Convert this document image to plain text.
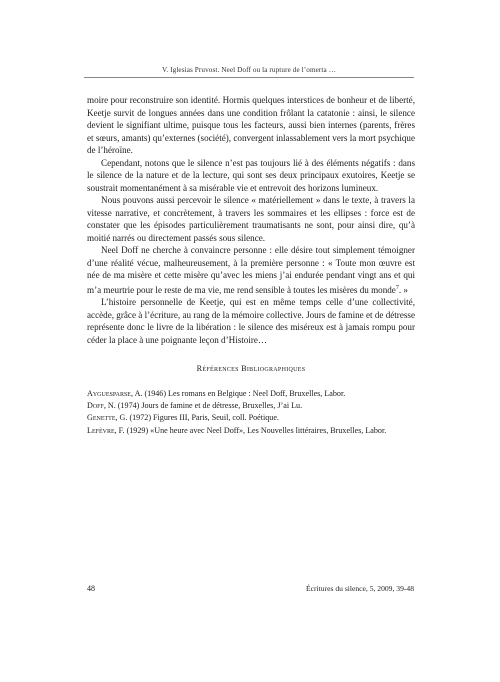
V. Iglesias Pruvost. Neel Doff ou la rupture de l’omerta …

moire pour reconstruire son identité. Hormis quelques interstices de bonheur et de liberté, Keetje survit de longues années dans une condition frôlant la catatonie : ainsi, le silence devient le signifiant ultime, puisque tous les facteurs, aussi bien internes (parents, frères et sœurs, amants) qu’externes (société), convergent inlassablement vers la mort psychique de l’héroïne.

Cependant, notons que le silence n’est pas toujours lié à des éléments négatifs : dans le silence de la nature et de la lecture, qui sont ses deux principaux exutoires, Keetje se soustrait momentanément à sa misérable vie et entrevoit des horizons lumineux.

Nous pouvons aussi percevoir le silence « matériellement » dans le texte, à travers la vitesse narrative, et concrètement, à travers les sommaires et les ellipses : force est de constater que les épisodes particulièrement traumatisants ne sont, pour ainsi dire, qu’à moitié narrés ou directement passés sous silence.

Neel Doff ne cherche à convaincre personne : elle désire tout simplement témoigner d’une réalité vécue, malheureusement, à la première personne : « Toute mon œuvre est née de ma misère et cette misère qu’avec les miens j’ai endurée pendant vingt ans et qui m’a meurtrie pour le reste de ma vie, me rend sensible à toutes les misères du monde$^7$. »

L’histoire personnelle de Keetje, qui est en même temps celle d’une collectivité, accède, grâce à l’écriture, au rang de la mémoire collective. Jours de famine et de détresse représente donc le livre de la libération : le silence des miséreux est à jamais rompu pour céder la place à une poignante leçon d’Histoire…

Références Bibliographiques
Ayguesparse, A. (1946) Les romans en Belgique : Neel Doff, Bruxelles, Labor.
Doff, N. (1974) Jours de famine et de détresse, Bruxelles, J’ai Lu.
Genette, G. (1972) Figures III, Paris, Seuil, coll. Poétique.
Lefèvre, F. (1929) «Une heure avec Neel Doff», Les Nouvelles littéraires, Bruxelles, Labor.
48	Écritures du silence, 5, 2009, 39-48
